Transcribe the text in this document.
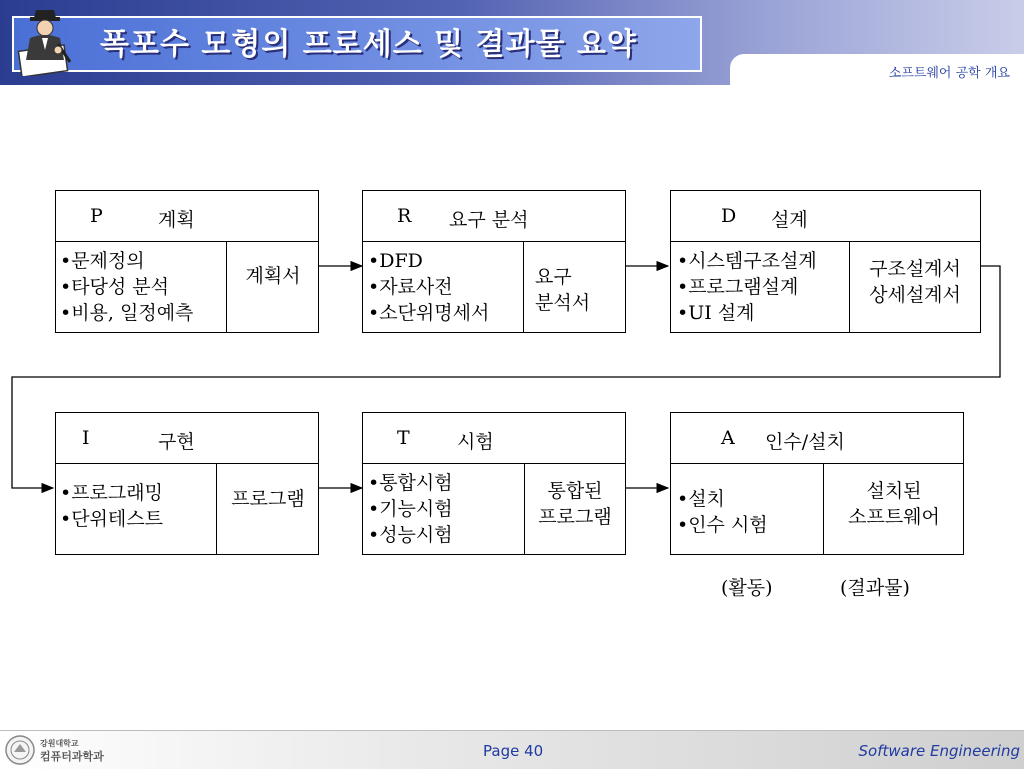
폭포수 모형의 프로세스 및 결과물 요약
소프트웨어 공학 개요
P	계획
•문제정의
•타당성 분석
•비용, 일정예측
계획서
R 요구 분석
•DFD
•자료사전
•소단위명세서
요구
분석서
D 설계
•시스템구조설계
•프로그램설계
•UI 설계
구조설계서
상세설계서
I	구현
•프로그래밍
•단위테스트
프로그램
T 시험
•통합시험
•기능시험
•성능시험
통합된
프로그램
A 인수/설치
•설치
•인수 시험
설치된
소프트웨어
(활동)	(결과물)
강원대학교
컴퓨터과학과	Page 40	Software Engineering
